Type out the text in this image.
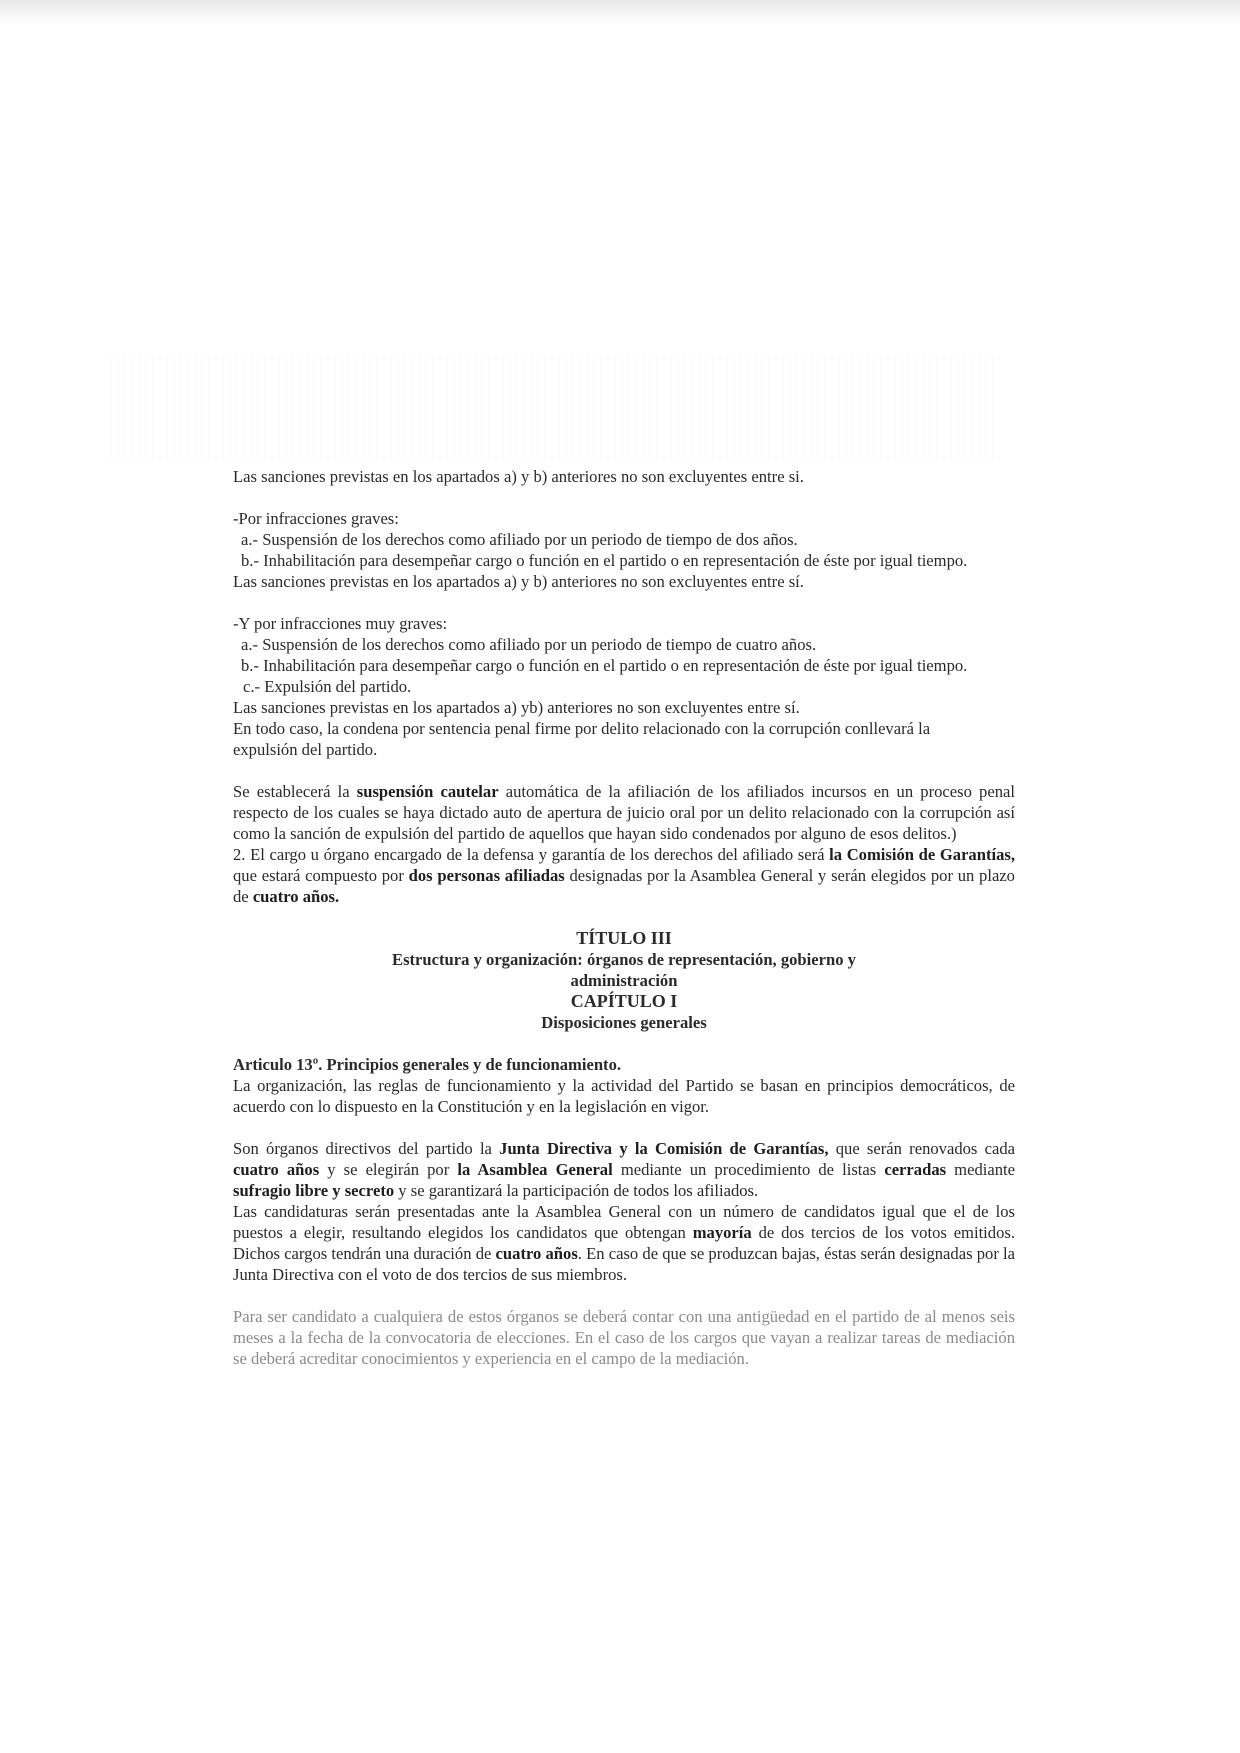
Las sanciones previstas en los apartados a) y b) anteriores no son excluyentes entre si.

-Por infracciones graves:

a.- Suspensión de los derechos como afiliado por un periodo de tiempo de dos años.

b.- Inhabilitación para desempeñar cargo o función en el partido o en representación de éste por igual tiempo.

Las sanciones previstas en los apartados a) y b) anteriores no son excluyentes entre sí.

-Y por infracciones muy graves:

a.- Suspensión de los derechos como afiliado por un periodo de tiempo de cuatro años.

b.- Inhabilitación para desempeñar cargo o función en el partido o en representación de éste por igual tiempo.

c.- Expulsión del partido.

Las sanciones previstas en los apartados a) yb) anteriores no son excluyentes entre sí.

En todo caso, la condena por sentencia penal firme por delito relacionado con la corrupción conllevará la expulsión del partido.

Se establecerá la suspensión cautelar automática de la afiliación de los afiliados incursos en un proceso penal respecto de los cuales se haya dictado auto de apertura de juicio oral por un delito relacionado con la corrupción así como la sanción de expulsión del partido de aquellos que hayan sido condenados por alguno de esos delitos.)

2. El cargo u órgano encargado de la defensa y garantía de los derechos del afiliado será la Comisión de Garantías, que estará compuesto por dos personas afiliadas designadas por la Asamblea General y serán elegidos por un plazo de cuatro años.

TÍTULO III
Estructura y organización: órganos de representación, gobierno y administración
CAPÍTULO I
Disposiciones generales

Articulo 13º. Principios generales y de funcionamiento.

La organización, las reglas de funcionamiento y la actividad del Partido se basan en principios democráticos, de acuerdo con lo dispuesto en la Constitución y en la legislación en vigor.

Son órganos directivos del partido la Junta Directiva y la Comisión de Garantías, que serán renovados cada cuatro años y se elegirán por la Asamblea General mediante un procedimiento de listas cerradas mediante sufragio libre y secreto y se garantizará la participación de todos los afiliados.

Las candidaturas serán presentadas ante la Asamblea General con un número de candidatos igual que el de los puestos a elegir, resultando elegidos los candidatos que obtengan mayoría de dos tercios de los votos emitidos. Dichos cargos tendrán una duración de cuatro años. En caso de que se produzcan bajas, éstas serán designadas por la Junta Directiva con el voto de dos tercios de sus miembros.

Para ser candidato a cualquiera de estos órganos se deberá contar con una antigüedad en el partido de al menos seis meses a la fecha de la convocatoria de elecciones. En el caso de los cargos que vayan a realizar tareas de mediación se deberá acreditar conocimientos y experiencia en el campo de la mediación.
